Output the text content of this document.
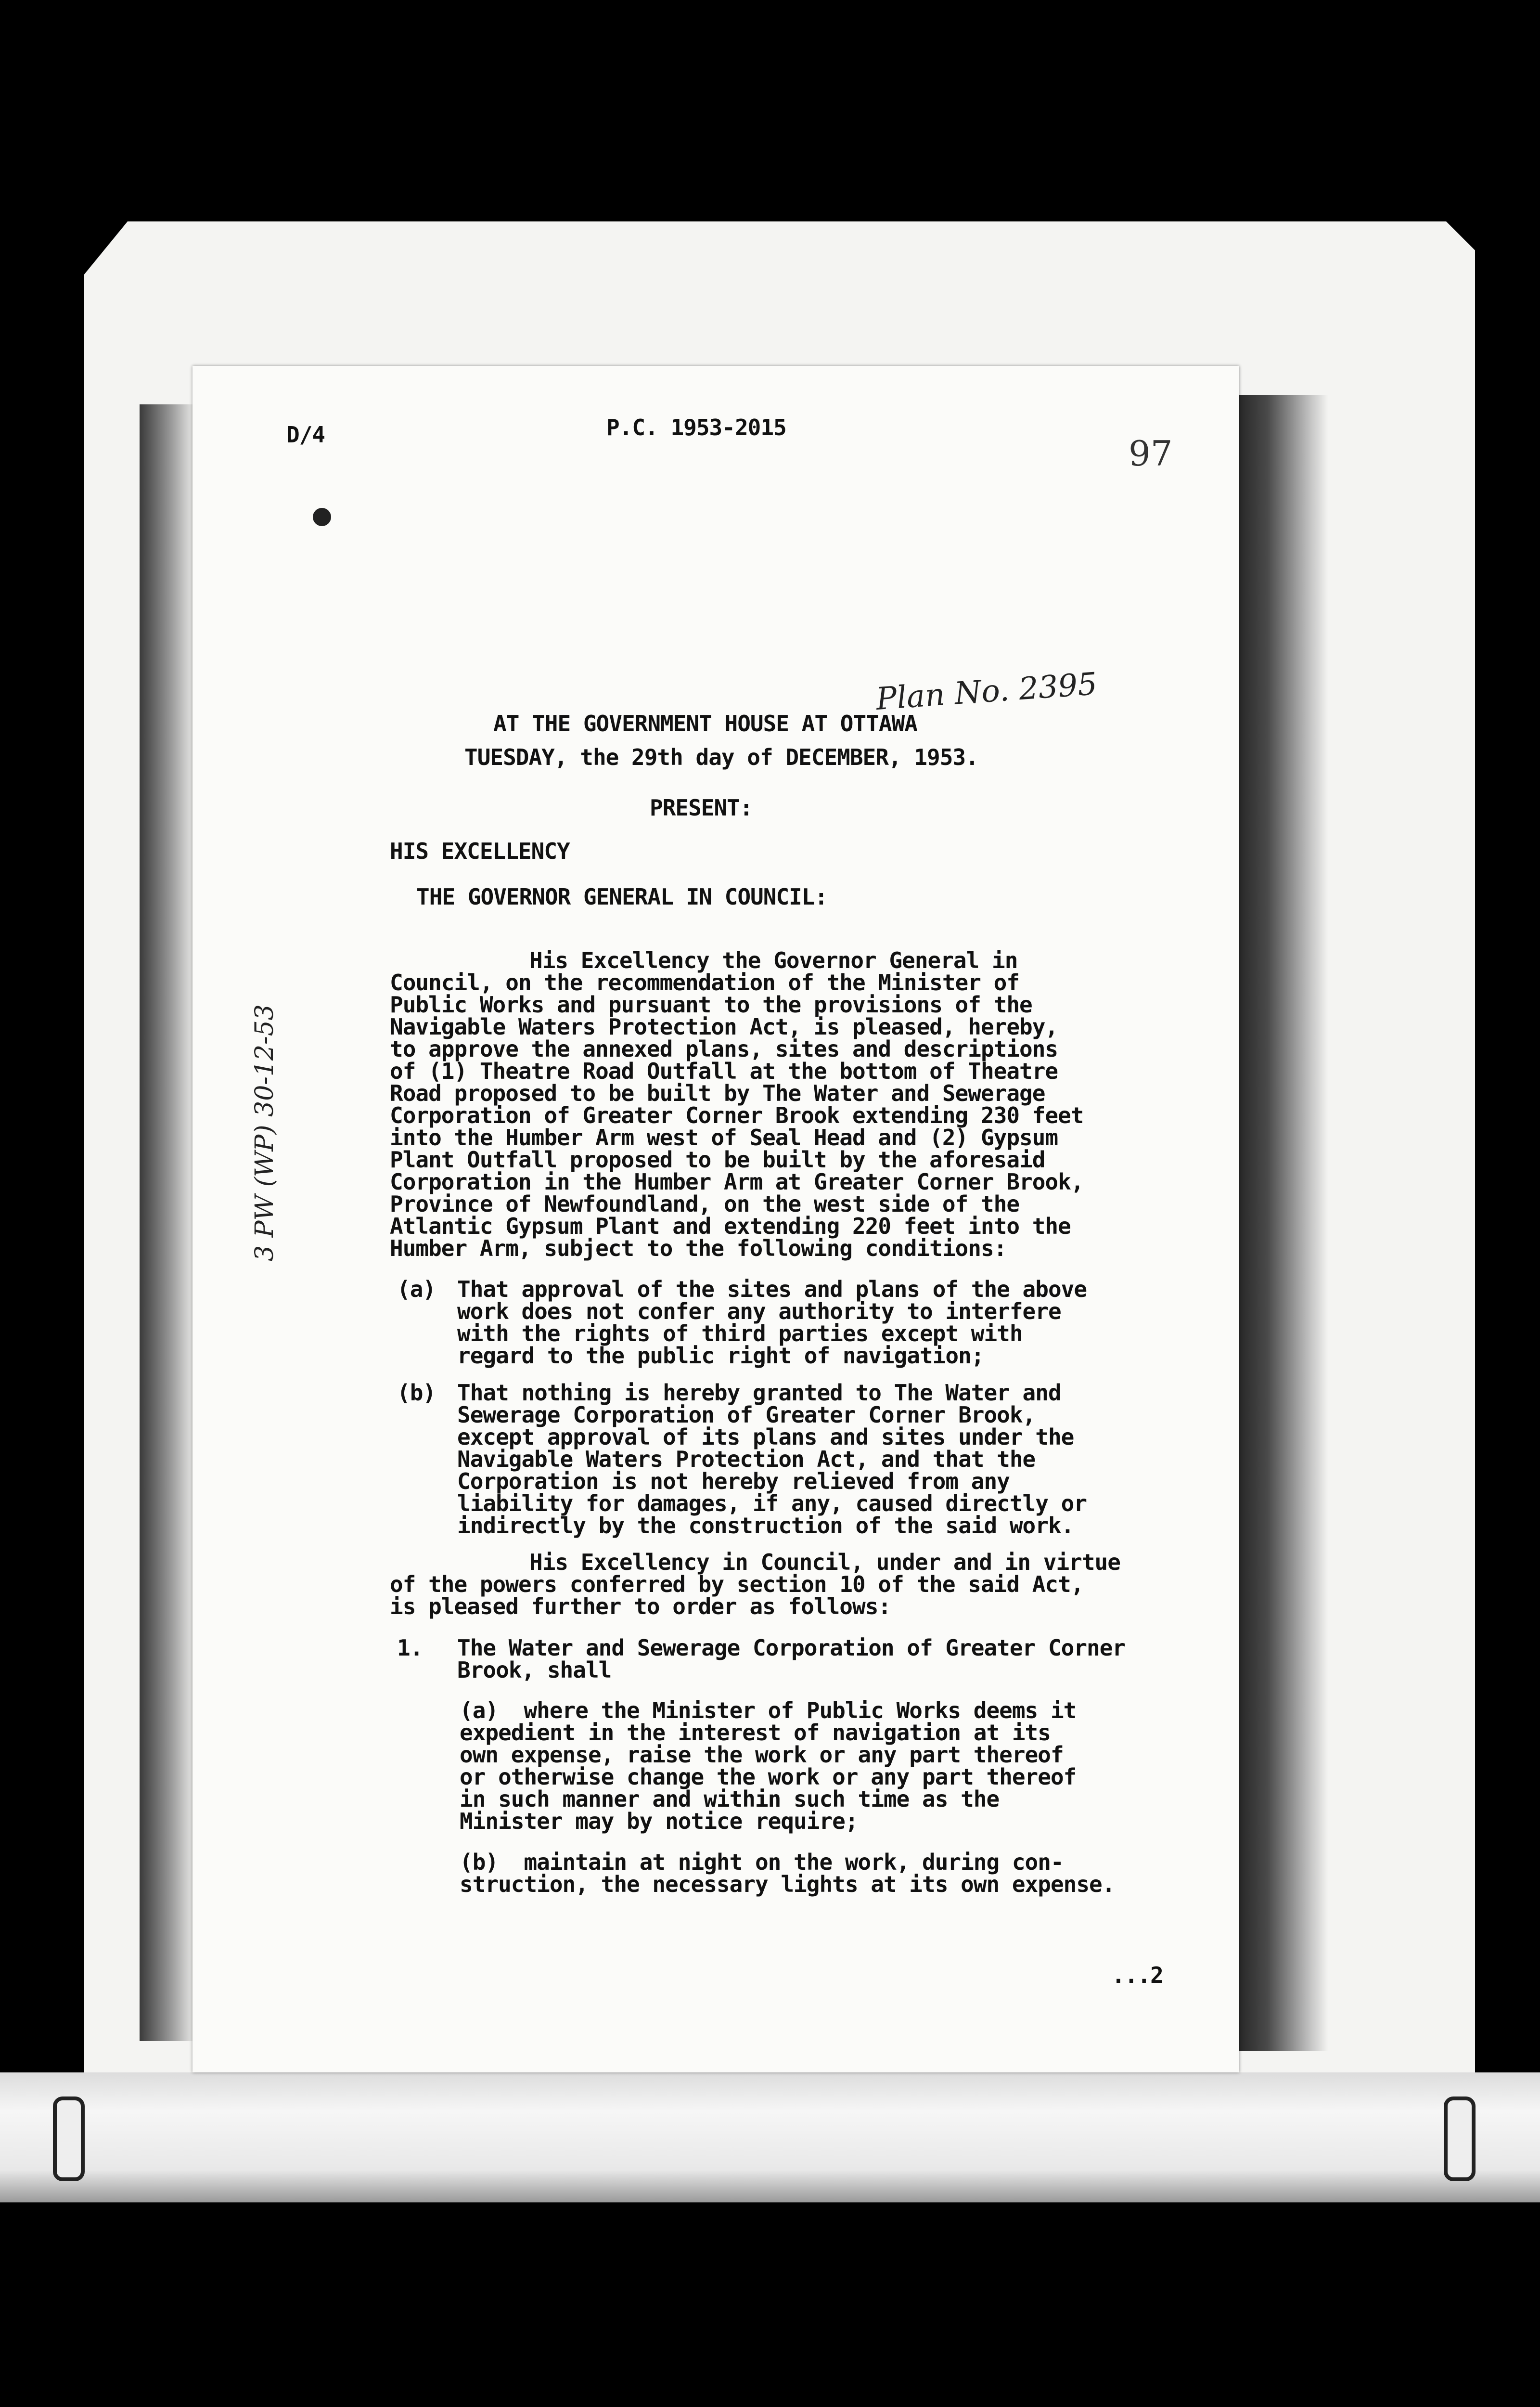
D/4	P.C. 1953-2015
97
Plan No. 2395
3 PW (WP) 30-12-53
AT THE GOVERNMENT HOUSE AT OTTAWA
TUESDAY, the 29th day of DECEMBER, 1953.
PRESENT:
HIS EXCELLENCY
THE GOVERNOR GENERAL IN COUNCIL:
His Excellency the Governor General in
Council, on the recommendation of the Minister of
Public Works and pursuant to the provisions of the
Navigable Waters Protection Act, is pleased, hereby,
to approve the annexed plans, sites and descriptions
of (1) Theatre Road Outfall at the bottom of Theatre
Road proposed to be built by The Water and Sewerage
Corporation of Greater Corner Brook extending 230 feet
into the Humber Arm west of Seal Head and (2) Gypsum
Plant Outfall proposed to be built by the aforesaid
Corporation in the Humber Arm at Greater Corner Brook,
Province of Newfoundland, on the west side of the
Atlantic Gypsum Plant and extending 220 feet into the
Humber Arm, subject to the following conditions:
(a) That approval of the sites and plans of the above
work does not confer any authority to interfere
with the rights of third parties except with
regard to the public right of navigation;
(b) That nothing is hereby granted to The Water and
Sewerage Corporation of Greater Corner Brook,
except approval of its plans and sites under the
Navigable Waters Protection Act, and that the
Corporation is not hereby relieved from any
liability for damages, if any, caused directly or
indirectly by the construction of the said work.
His Excellency in Council, under and in virtue
of the powers conferred by section 10 of the said Act,
is pleased further to order as follows:
1. The Water and Sewerage Corporation of Greater Corner
Brook, shall
(a)  where the Minister of Public Works deems it
expedient in the interest of navigation at its
own expense, raise the work or any part thereof
or otherwise change the work or any part thereof
in such manner and within such time as the
Minister may by notice require;
(b)  maintain at night on the work, during con-
struction, the necessary lights at its own expense.
...2
